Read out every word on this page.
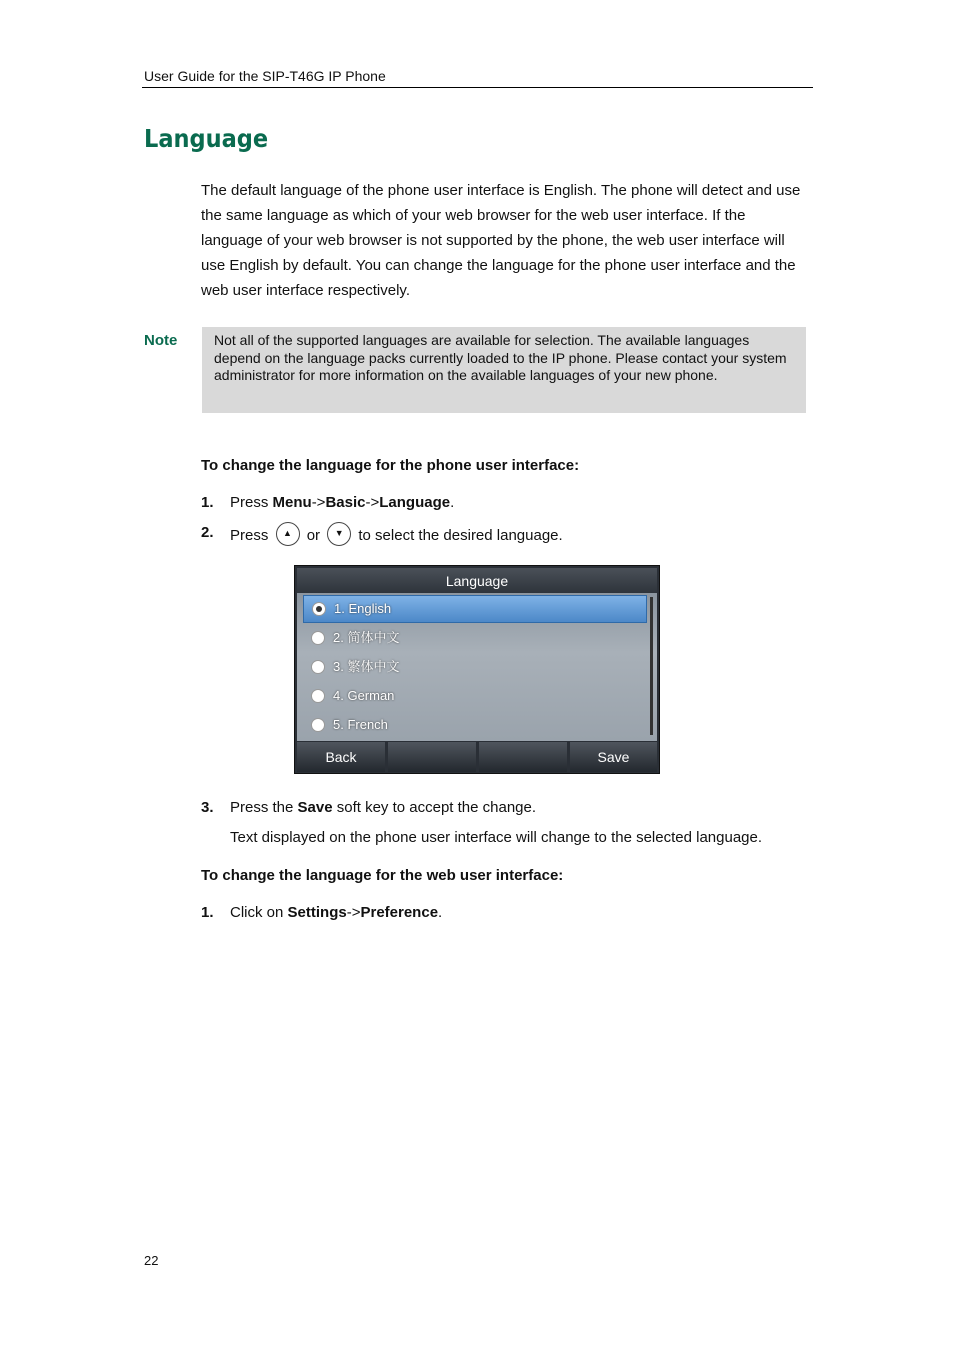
User Guide for the SIP-T46G IP Phone
Language
The default language of the phone user interface is English. The phone will detect and use the same language as which of your web browser for the web user interface. If the language of your web browser is not supported by the phone, the web user interface will use English by default. You can change the language for the phone user interface and the web user interface respectively.
Note	Not all of the supported languages are available for selection. The available languages depend on the language packs currently loaded to the IP phone. Please contact your system administrator for more information on the available languages of your new phone.
To change the language for the phone user interface:
1. Press Menu->Basic->Language.
2. Press	▲ or	▼ to select the desired language.
Language
1. English
2. 简体中文
3. 繁体中文
4. German
5. French
Back	Save
3. Press the Save soft key to accept the change.
Text displayed on the phone user interface will change to the selected language.
To change the language for the web user interface:
1. Click on Settings->Preference.
22
